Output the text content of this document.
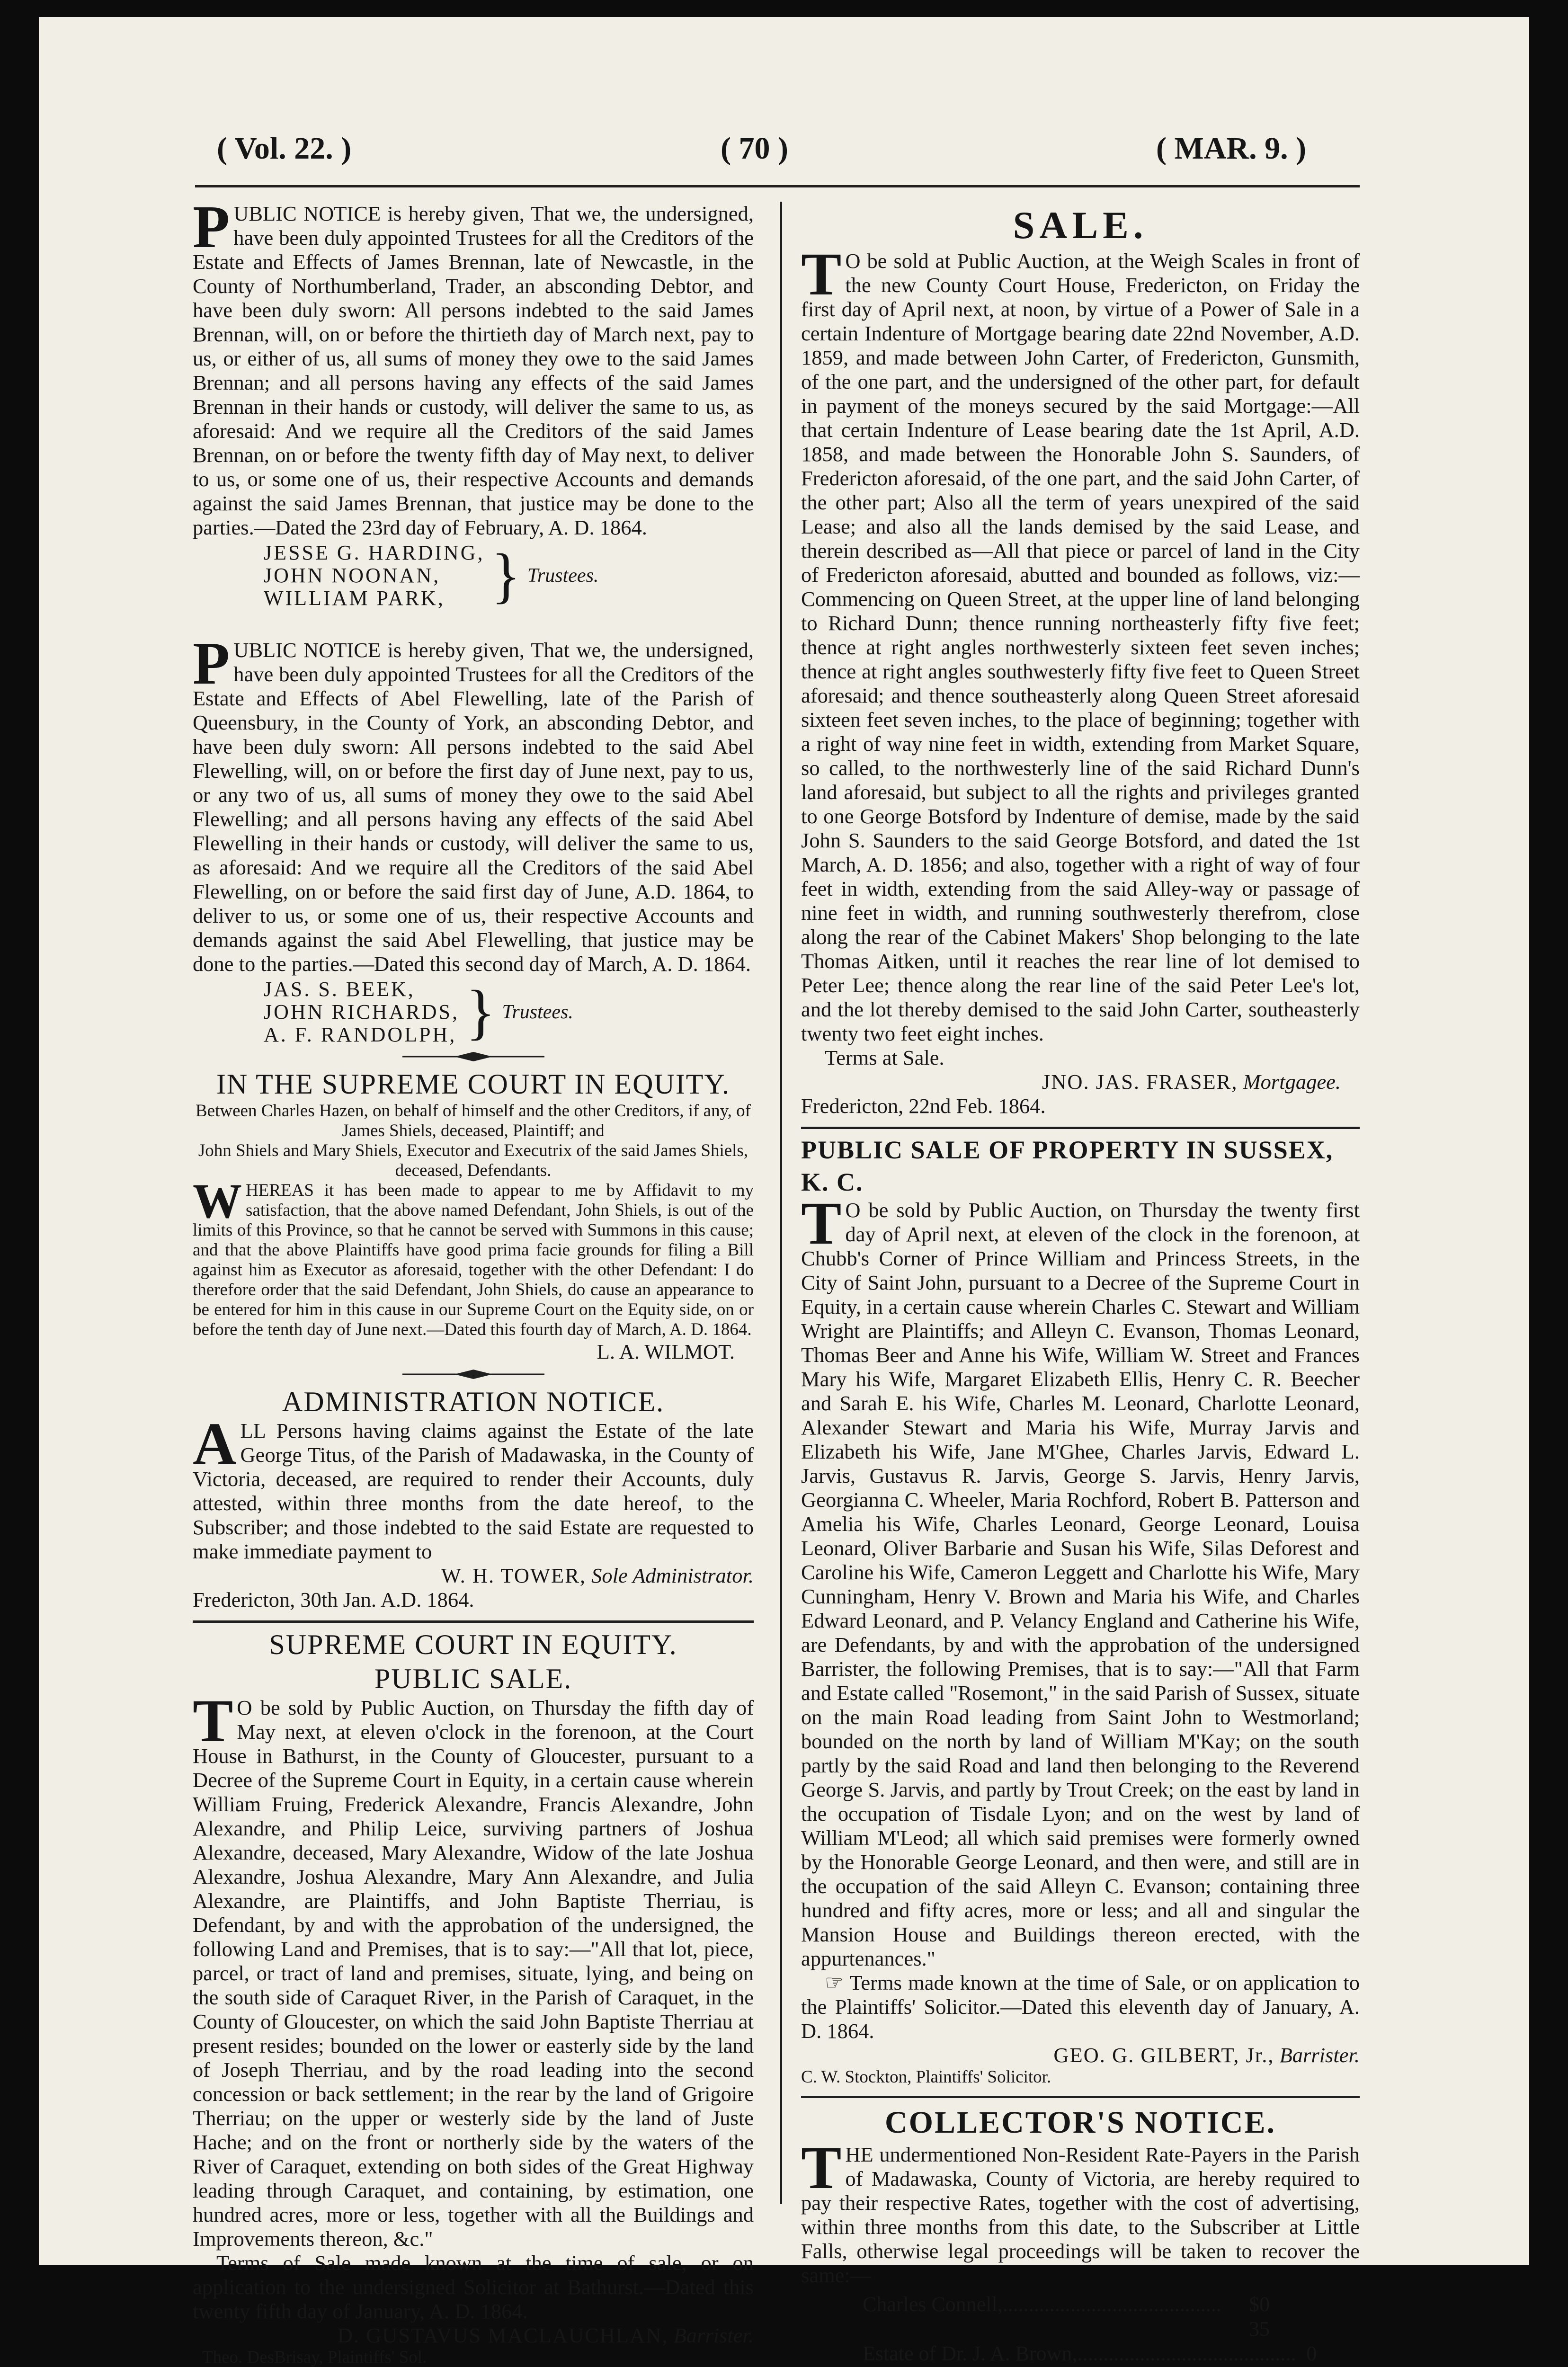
( Vol. 22. )	( 70 )	( MAR. 9. )

PUBLIC NOTICE is hereby given, That we, the undersigned, have been duly appointed Trustees for all the Creditors of the Estate and Effects of James Brennan, late of Newcastle, in the County of Northumberland, Trader, an absconding Debtor, and have been duly sworn: All persons indebted to the said James Brennan, will, on or before the thirtieth day of March next, pay to us, or either of us, all sums of money they owe to the said James Brennan; and all persons having any effects of the said James Brennan in their hands or custody, will deliver the same to us, as aforesaid: And we require all the Creditors of the said James Brennan, on or before the twenty fifth day of May next, to deliver to us, or some one of us, their respective Accounts and demands against the said James Brennan, that justice may be done to the parties.—Dated the 23rd day of February, A. D. 1864.

JESSE G. HARDING,
JOHN NOONAN,
WILLIAM PARK, } Trustees.

PUBLIC NOTICE is hereby given, That we, the undersigned, have been duly appointed Trustees for all the Creditors of the Estate and Effects of Abel Flewelling, late of the Parish of Queensbury, in the County of York, an absconding Debtor, and have been duly sworn: All persons indebted to the said Abel Flewelling, will, on or before the first day of June next, pay to us, or any two of us, all sums of money they owe to the said Abel Flewelling; and all persons having any effects of the said Abel Flewelling in their hands or custody, will deliver the same to us, as aforesaid: And we require all the Creditors of the said Abel Flewelling, on or before the said first day of June, A.D. 1864, to deliver to us, or some one of us, their respective Accounts and demands against the said Abel Flewelling, that justice may be done to the parties.—Dated this second day of March, A. D. 1864.

JAS. S. BEEK,
JOHN RICHARDS,
A. F. RANDOLPH, } Trustees.
IN THE SUPREME COURT IN EQUITY.

Between Charles Hazen, on behalf of himself and the other Creditors, if any, of James Shiels, deceased, Plaintiff; and

John Shiels and Mary Shiels, Executor and Executrix of the said James Shiels, deceased, Defendants.

WHEREAS it has been made to appear to me by Affidavit to my satisfaction, that the above named Defendant, John Shiels, is out of the limits of this Province, so that he cannot be served with Summons in this cause; and that the above Plaintiffs have good prima facie grounds for filing a Bill against him as Executor as aforesaid, together with the other Defendant: I do therefore order that the said Defendant, John Shiels, do cause an appearance to be entered for him in this cause in our Supreme Court on the Equity side, on or before the tenth day of June next.—Dated this fourth day of March, A. D. 1864.

L. A. WILMOT.

ADMINISTRATION NOTICE.

ALL Persons having claims against the Estate of the late George Titus, of the Parish of Madawaska, in the County of Victoria, deceased, are required to render their Accounts, duly attested, within three months from the date hereof, to the Subscriber; and those indebted to the said Estate are requested to make immediate payment to

W. H. TOWER, Sole Administrator.

Fredericton, 30th Jan. A.D. 1864.

SUPREME COURT IN EQUITY.
PUBLIC SALE.

T O be sold by Public Auction, on Thursday the fifth day of May next, at eleven o'clock in the forenoon, at the Court House in Bathurst, in the County of Gloucester, pursuant to a Decree of the Supreme Court in Equity, in a certain cause wherein William Fruing, Frederick Alexandre, Francis Alexandre, John Alexandre, and Philip Leice, surviving partners of Joshua Alexandre, deceased, Mary Alexandre, Widow of the late Joshua Alexandre, Joshua Alexandre, Mary Ann Alexandre, and Julia Alexandre, are Plaintiffs, and John Baptiste Therriau, is Defendant, by and with the approbation of the undersigned, the following Land and Premises, that is to say:—"All that lot, piece, parcel, or tract of land and premises, situate, lying, and being on the south side of Caraquet River, in the Parish of Caraquet, in the County of Gloucester, on which the said John Baptiste Therriau at present resides; bounded on the lower or easterly side by the land of Joseph Therriau, and by the road leading into the second concession or back settlement; in the rear by the land of Grigoire Therriau; on the upper or westerly side by the land of Juste Hache; and on the front or northerly side by the waters of the River of Caraquet, extending on both sides of the Great Highway leading through Caraquet, and containing, by estimation, one hundred acres, more or less, together with all the Buildings and Improvements thereon, &c."

Terms of Sale made known at the time of sale, or on application to the undersigned Solicitor at Bathurst.—Dated this twenty fifth day of January, A. D. 1864.

D. GUSTAVUS MACLAUCHLAN, Barrister.

Theo. DesBrisay, Plaintiffs' Sol.

SALE.

T O be sold at Public Auction, at the Weigh Scales in front of the new County Court House, Fredericton, on Friday the first day of April next, at noon, by virtue of a Power of Sale in a certain Indenture of Mortgage bearing date 22nd November, A.D. 1859, and made between John Carter, of Fredericton, Gunsmith, of the one part, and the undersigned of the other part, for default in payment of the moneys secured by the said Mortgage:—All that certain Indenture of Lease bearing date the 1st April, A.D. 1858, and made between the Honorable John S. Saunders, of Fredericton aforesaid, of the one part, and the said John Carter, of the other part; Also all the term of years unexpired of the said Lease; and also all the lands demised by the said Lease, and therein described as—All that piece or parcel of land in the City of Fredericton aforesaid, abutted and bounded as follows, viz:—Commencing on Queen Street, at the upper line of land belonging to Richard Dunn; thence running northeasterly fifty five feet; thence at right angles northwesterly sixteen feet seven inches; thence at right angles southwesterly fifty five feet to Queen Street aforesaid; and thence southeasterly along Queen Street aforesaid sixteen feet seven inches, to the place of beginning; together with a right of way nine feet in width, extending from Market Square, so called, to the northwesterly line of the said Richard Dunn's land aforesaid, but subject to all the rights and privileges granted to one George Botsford by Indenture of demise, made by the said John S. Saunders to the said George Botsford, and dated the 1st March, A. D. 1856; and also, together with a right of way of four feet in width, extending from the said Alley-way or passage of nine feet in width, and running southwesterly therefrom, close along the rear of the Cabinet Makers' Shop belonging to the late Thomas Aitken, until it reaches the rear line of lot demised to Peter Lee; thence along the rear line of the said Peter Lee's lot, and the lot thereby demised to the said John Carter, southeasterly twenty two feet eight inches.

Terms at Sale.

JNO. JAS. FRASER, Mortgagee.

Fredericton, 22nd Feb. 1864.

PUBLIC SALE OF PROPERTY IN SUSSEX, K. C.

T O be sold by Public Auction, on Thursday the twenty first day of April next, at eleven of the clock in the forenoon, at Chubb's Corner of Prince William and Princess Streets, in the City of Saint John, pursuant to a Decree of the Supreme Court in Equity, in a certain cause wherein Charles C. Stewart and William Wright are Plaintiffs; and Alleyn C. Evanson, Thomas Leonard, Thomas Beer and Anne his Wife, William W. Street and Frances Mary his Wife, Margaret Elizabeth Ellis, Henry C. R. Beecher and Sarah E. his Wife, Charles M. Leonard, Charlotte Leonard, Alexander Stewart and Maria his Wife, Murray Jarvis and Elizabeth his Wife, Jane M'Ghee, Charles Jarvis, Edward L. Jarvis, Gustavus R. Jarvis, George S. Jarvis, Henry Jarvis, Georgianna C. Wheeler, Maria Rochford, Robert B. Patterson and Amelia his Wife, Charles Leonard, George Leonard, Louisa Leonard, Oliver Barbarie and Susan his Wife, Silas Deforest and Caroline his Wife, Cameron Leggett and Charlotte his Wife, Mary Cunningham, Henry V. Brown and Maria his Wife, and Charles Edward Leonard, and P. Velancy England and Catherine his Wife, are Defendants, by and with the approbation of the undersigned Barrister, the following Premises, that is to say:—"All that Farm and Estate called "Rosemont," in the said Parish of Sussex, situate on the main Road leading from Saint John to Westmorland; bounded on the north by land of William M'Kay; on the south partly by the said Road and land then belonging to the Reverend George S. Jarvis, and partly by Trout Creek; on the east by land in the occupation of Tisdale Lyon; and on the west by land of William M'Leod; all which said premises were formerly owned by the Honorable George Leonard, and then were, and still are in the occupation of the said Alleyn C. Evanson; containing three hundred and fifty acres, more or less; and all and singular the Mansion House and Buildings thereon erected, with the appurtenances."

☞ Terms made known at the time of Sale, or on application to the Plaintiffs' Solicitor.—Dated this eleventh day of January, A. D. 1864.

GEO. G. GILBERT, Jr., Barrister.

C. W. Stockton, Plaintiffs' Solicitor.

COLLECTOR'S NOTICE.

THE undermentioned Non-Resident Rate-Payers in the Parish of Madawaska, County of Victoria, are hereby required to pay their respective Rates, together with the cost of advertising, within three months from this date, to the Subscriber at Little Falls, otherwise legal proceedings will be taken to recover the same:—

Charles Connell,..........................................	$0 35
Estate of Dr. J. A. Brown,.......................................... 0
